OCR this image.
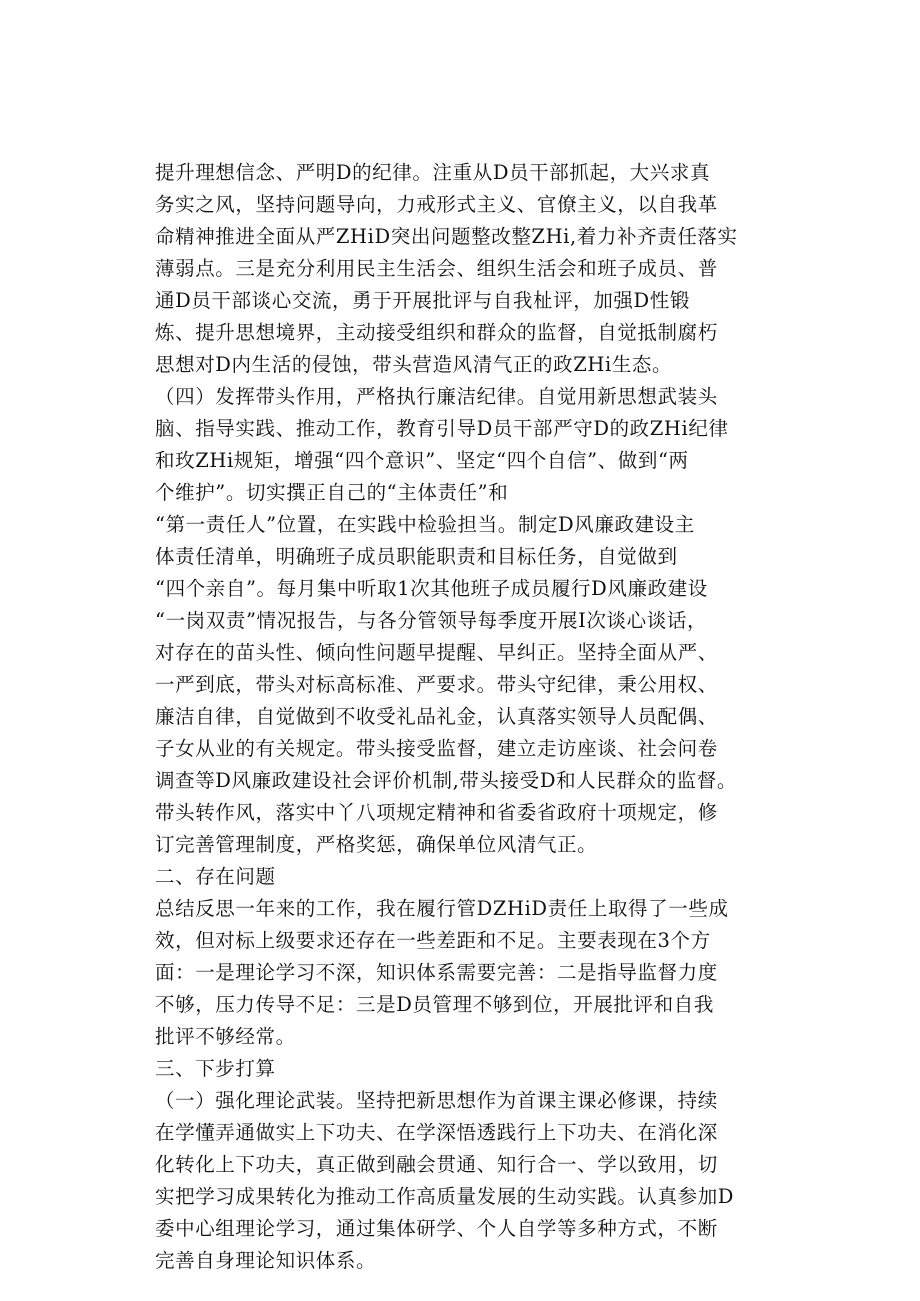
提升理想信念、严明D的纪律。注重从D员干部抓起，大兴求真
务实之风，坚持问题导向，力戒形式主义、官僚主义，以自我革
命精神推进全面从严ZHiD突出问题整改整ZHi,着力补齐责任落实
薄弱点。三是充分利用民主生活会、组织生活会和班子成员、普
通D员干部谈心交流，勇于开展批评与自我杫评，加强D性锻
炼、提升思想境界，主动接受组织和群众的监督，自觉抵制腐朽
思想对D内生活的侵蚀，带头营造风清气正的政ZHi生态。
（四）发挥带头作用，严格执行廉洁纪律。自觉用新思想武装头
脑、指导实践、推动工作，教育引导D员干部严守D的政ZHi纪律
和玫ZHi规矩，增强“四个意识”、坚定“四个自信”、做到“两
个维护”。切实撰正自己的“主体责任”和
“第一责任人”位置，在实践中检验担当。制定D风廉政建设主
体责任清单，明确班子成员职能职责和目标任务，自觉做到
“四个亲自”。每月集中听取1次其他班子成员履行D风廉政建设
“一岗双责”情况报告，与各分管领导每季度开展I次谈心谈话，
对存在的苗头性、倾向性问题早提醒、早纠正。坚持全面从严、
一严到底，带头对标高标准、严要求。带头守纪律，秉公用权、
廉洁自律，自觉做到不收受礼品礼金，认真落实领导人员配偶、
子女从业的有关规定。带头接受监督，建立走访座谈、社会问卷
调查等D风廉政建设社会评价机制,带头接受D和人民群众的监督。
带头转作风，落实中丫八项规定精神和省委省政府十项规定，修
订完善管理制度，严格奖惩，确保单位风清气正。
二、存在问题
总结反思一年来的工作，我在履行管DZHiD责任上取得了一些成
效，但对标上级要求还存在一些差距和不足。主要表现在3个方
面：一是理论学习不深，知识体系需要完善：二是指导监督力度
不够，压力传导不足：三是D员管理不够到位，开展批评和自我
批评不够经常。
三、下步打算
（一）强化理论武装。坚持把新思想作为首课主课必修课，持续
在学懂弄通做实上下功夫、在学深悟透践行上下功夫、在消化深
化转化上下功夫，真正做到融会贯通、知行合一、学以致用，切
实把学习成果转化为推动工作高质量发展的生动实践。认真参加D
委中心组理论学习，通过集体研学、个人自学等多种方式，不断
完善自身理论知识体系。
